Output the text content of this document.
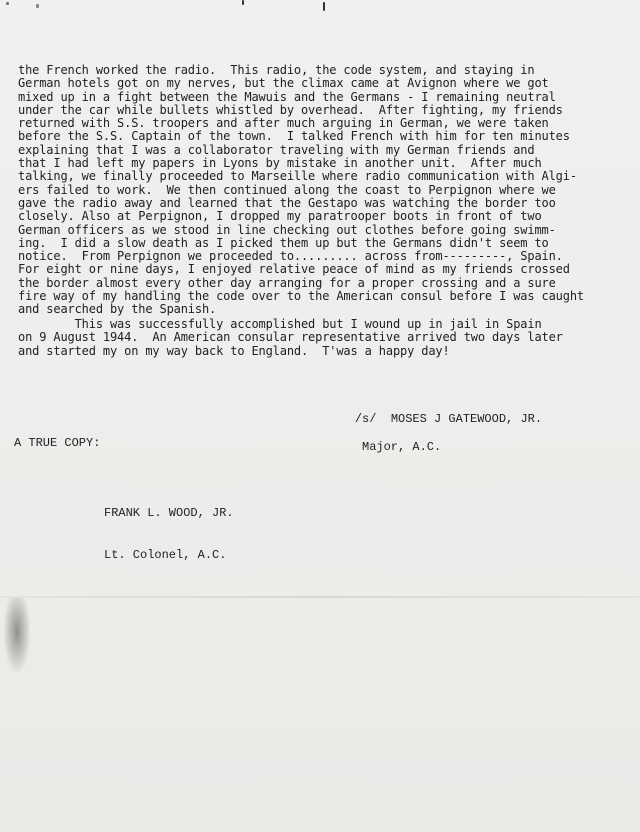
the French worked the radio.  This radio, the code system, and staying in
German hotels got on my nerves, but the climax came at Avignon where we got
mixed up in a fight between the Mawuis and the Germans - I remaining neutral
under the car while bullets whistled by overhead.  After fighting, my friends
returned with S.S. troopers and after much arguing in German, we were taken
before the S.S. Captain of the town.  I talked French with him for ten minutes
explaining that I was a collaborator traveling with my German friends and
that I had left my papers in Lyons by mistake in another unit.  After much
talking, we finally proceeded to Marseille where radio communication with Algi-
ers failed to work.  We then continued along the coast to Perpignon where we
gave the radio away and learned that the Gestapo was watching the border too
closely. Also at Perpignon, I dropped my paratrooper boots in front of two
German officers as we stood in line checking out clothes before going swimm-
ing.  I did a slow death as I picked them up but the Germans didn't seem to
notice.  From Perpignon we proceeded to......... across from---------, Spain.
For eight or nine days, I enjoyed relative peace of mind as my friends crossed
the border almost every other day arranging for a proper crossing and a sure
fire way of my handling the code over to the American consul before I was caught
and searched by the Spanish.
This was successfully accomplished but I wound up in jail in Spain
on 9 August 1944.  An American consular representative arrived two days later
and started my on my way back to England.  T'was a happy day!

/s/  MOSES J GATEWOOD, JR.

Major, A.C.

A TRUE COPY:

FRANK L. WOOD, JR.

Lt. Colonel, A.C.
